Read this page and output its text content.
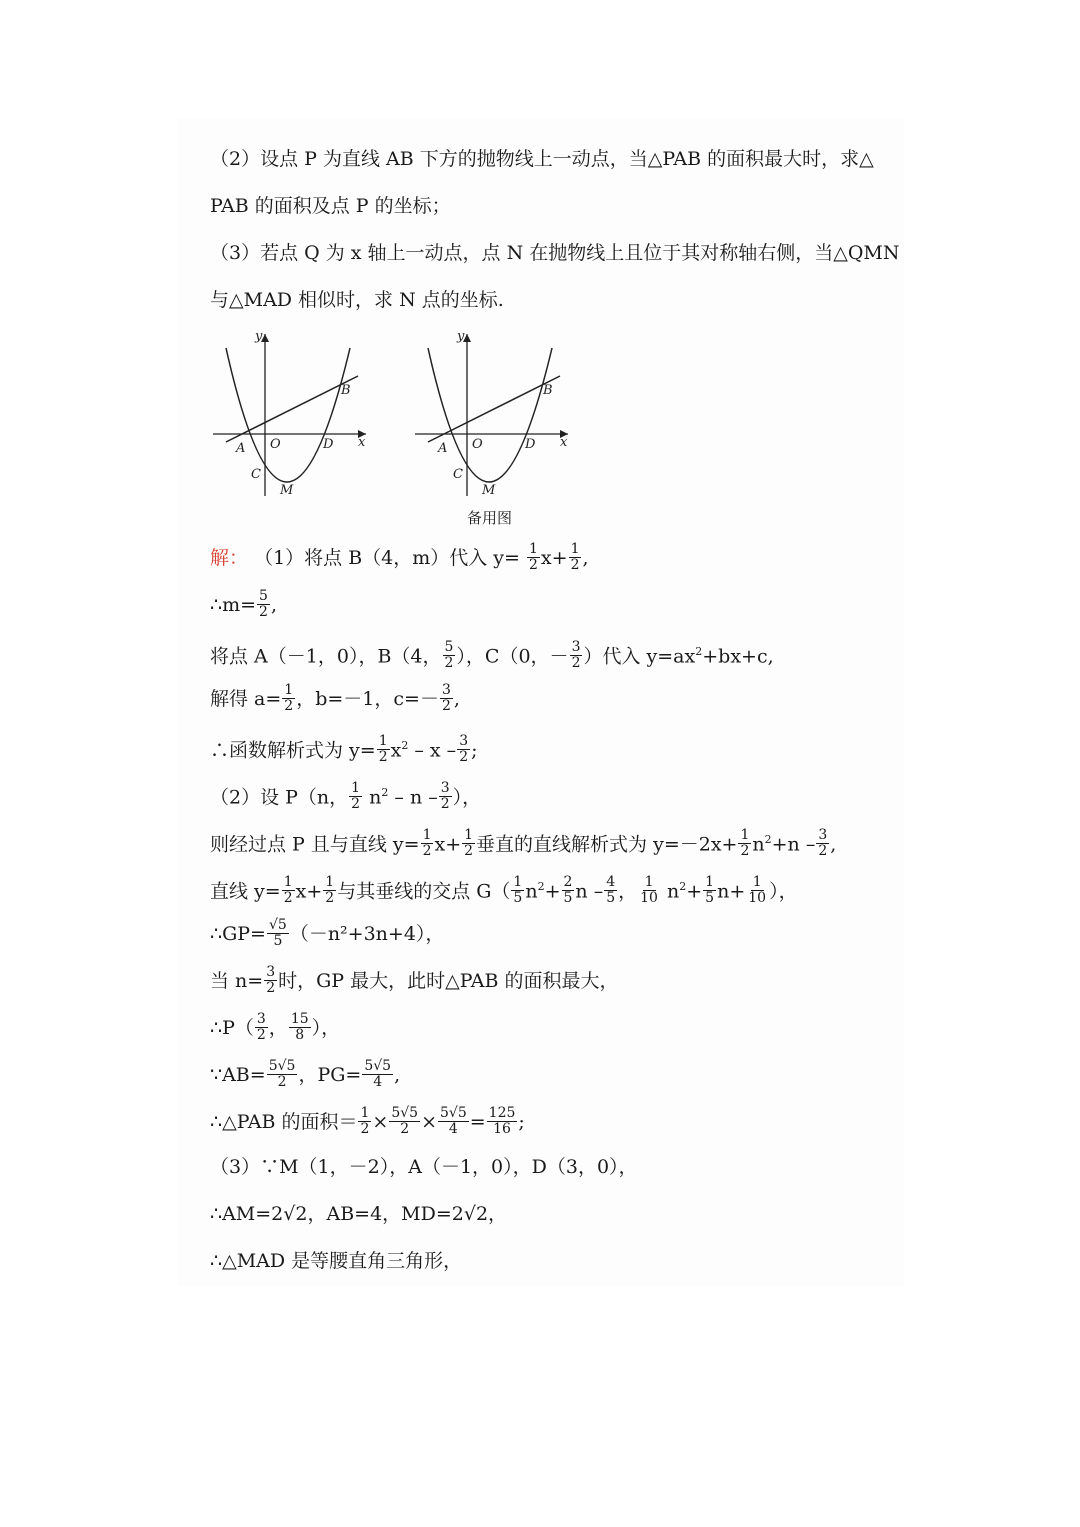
（2）设点 P 为直线 AB 下方的抛物线上一动点，当△PAB 的面积最大时，求△
PAB 的面积及点 P 的坐标；
（3）若点 Q 为 x 轴上一动点，点 N 在抛物线上且位于其对称轴右侧，当△QMN
与△MAD 相似时，求 N 点的坐标.
y
x
O
A
B
C
D
M
y
x
O
A
B
C
D
M
备用图
解： （1）将点 B（4，m）代入 $y= \frac{1}{2} x+ \frac{1}{2}$ ,
∴m= $\frac{5}{2}$ ,
将点 A（－1，0），B（4， $\frac{5}{2}$ ），C（0，－ $\frac{3}{2}$ ）代入 $y=ax^2+bx+c$,
解得 $a= \frac{1}{2}$ ，b=－1，$c=- \frac{3}{2}$ ,
∴函数解析式为 $y= \frac{1}{2} x^2 - x - \frac{3}{2}$ ;
（2）设 P（n， $\frac{1}{2} n^2$ – n – $\frac{3}{2}$ ），
则经过点 P 且与直线 $y= \frac{1}{2} x+ \frac{1}{2}$ 垂直的直线解析式为 $y=-2x+ \frac{1}{2} n^2+n - \frac{3}{2}$ ,
直线 $y= \frac{1}{2} x+ \frac{1}{2}$ 与其垂线的交点 $G( \frac{1}{5} n^2+ \frac{2}{5}$ n – $\frac{4}{5}$ ， $\frac{1}{10} n^2+ \frac{1}{5} n+ \frac{1}{10}$ ），
∴GP= $\frac{√5}{5} (-n^2+3n+4)$，
当 $n= \frac{3}{2}$ 时，GP 最大，此时△PAB 的面积最大，
∴P（ $\frac{3}{2}$ ， $\frac{15}{8}$ ），
∵AB= $\frac{5√5}{2}$ ，$PG= \frac{5√5}{4}$ ,
∴△PAB 的面积＝ $\frac{1}{2} \times \frac{5√5}{2} \times \frac{5√5}{4} = \frac{125}{16}$ ;
（3）∵M（1，－2），A（－1，0），D（3，0），
∴AM=2√2，AB=4，MD=2√2，
∴△MAD 是等腰直角三角形，
